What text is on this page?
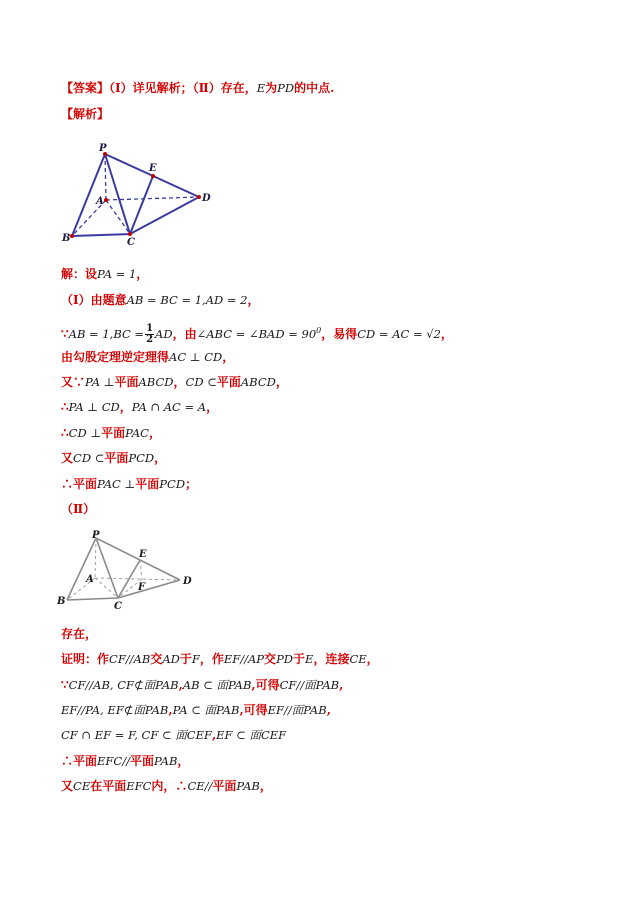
【答案】（Ⅰ）详见解析；（Ⅱ）存在，E为PD的中点.
【解析】
P
E
A	D
B	C
解：设PA = 1，
（Ⅰ）由题意AB = BC = 1,AD = 2，
∵AB = $1,BC = \frac{1}{2}$ AD，由∠ABC = ∠BAD = $90^0$，易得CD = AC = √2，
由勾股定理逆定理得AC ⊥ CD，
又∵PA ⊥平面ABCD，CD ⊂平面ABCD，
∴PA ⊥ CD，PA ∩ AC = A，
∴CD ⊥平面PAC，
又CD ⊂平面PCD，
∴平面PAC ⊥平面PCD；
（Ⅱ）
P
E
A
F
D
B	C
存在，
证明：作CF//AB交AD于F，作EF//AP交PD于E，连接CE，
∵CF//AB, CF⊄面PAB,AB ⊂ 面PAB,可得CF//面PAB,
EF//PA, EF⊄面PAB,PA ⊂ 面PAB,可得EF//面PAB,
CF ∩ EF = F, CF ⊂ 面CEF,EF ⊂ 面CEF
∴平面EFC//平面PAB，
又CE在平面EFC内，∴CE//平面PAB，
